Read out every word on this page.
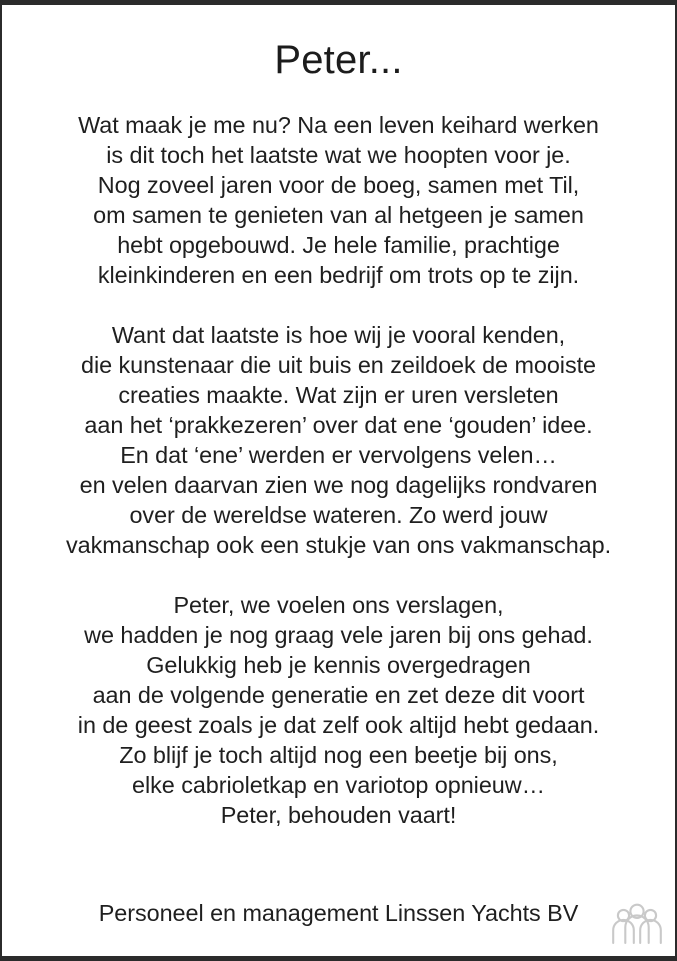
Peter...

Wat maak je me nu? Na een leven keihard werken
is dit toch het laatste wat we hoopten voor je.
Nog zoveel jaren voor de boeg, samen met Til,
om samen te genieten van al hetgeen je samen
hebt opgebouwd. Je hele familie, prachtige
kleinkinderen en een bedrijf om trots op te zijn.

Want dat laatste is hoe wij je vooral kenden,
die kunstenaar die uit buis en zeildoek de mooiste
creaties maakte. Wat zijn er uren versleten
aan het ‘prakkezeren’ over dat ene ‘gouden’ idee.
En dat ‘ene’ werden er vervolgens velen…
en velen daarvan zien we nog dagelijks rondvaren
over de wereldse wateren. Zo werd jouw
vakmanschap ook een stukje van ons vakmanschap.

Peter, we voelen ons verslagen,
we hadden je nog graag vele jaren bij ons gehad.
Gelukkig heb je kennis overgedragen
aan de volgende generatie en zet deze dit voort
in de geest zoals je dat zelf ook altijd hebt gedaan.
Zo blijf je toch altijd nog een beetje bij ons,
elke cabrioletkap en variotop opnieuw…
Peter, behouden vaart!

Personeel en management Linssen Yachts BV
